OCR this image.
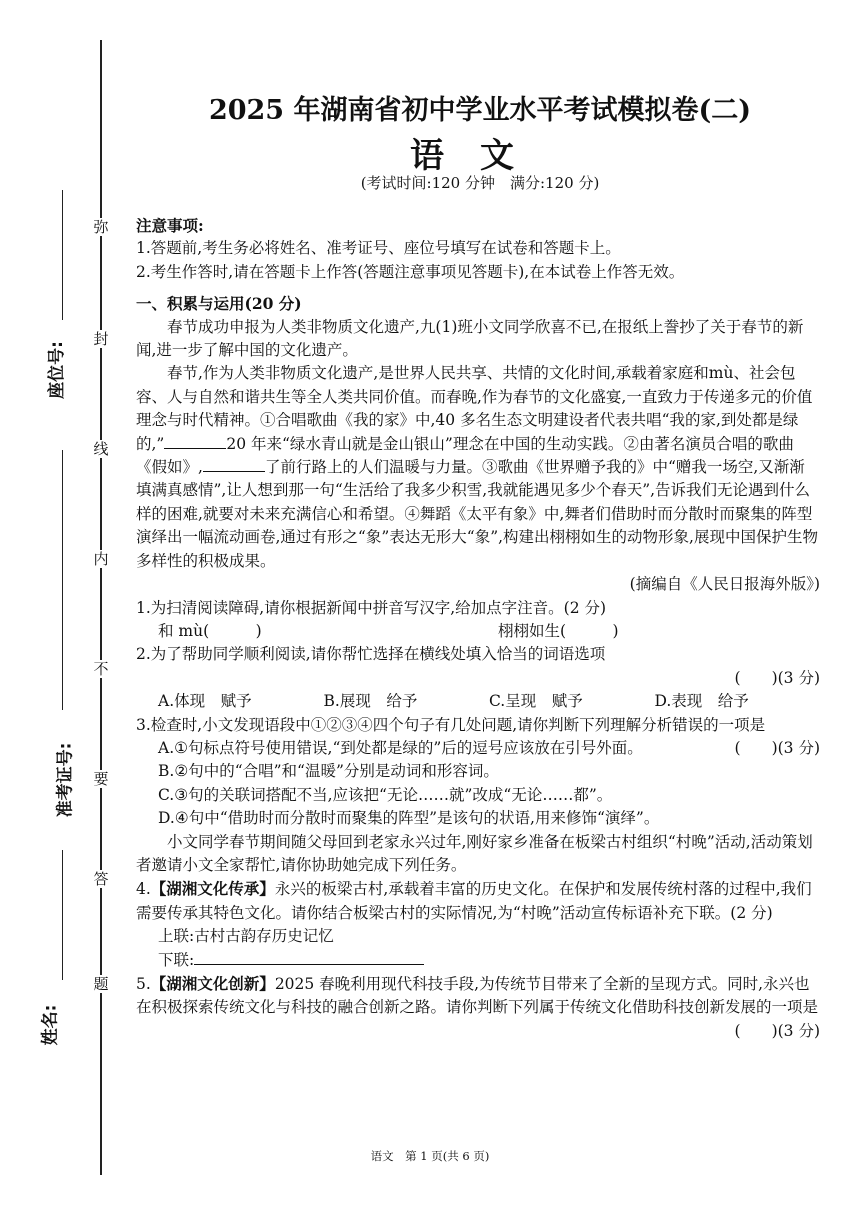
弥
封
线
内
不
要
答
题
座位号:
准考证号:
姓名:
2025 年湖南省初中学业水平考试模拟卷(二)
语文
(考试时间:120 分钟　满分:120 分)

注意事项:

1.答题前,考生务必将姓名、准考证号、座位号填写在试卷和答题卡上。

2.考生作答时,请在答题卡上作答(答题注意事项见答题卡),在本试卷上作答无效。

一、积累与运用(20 分)

春节成功申报为人类非物质文化遗产,九(1)班小文同学欣喜不已,在报纸上誊抄了关于春节的新闻,进一步了解中国的文化遗产。

春节,作为人类非物质文化遗产,是世界人民共享、共情的文化时间,承载着家庭和mù、社会包容、人与自然和谐共生等全人类共同价值。而春晚,作为春节的文化盛宴,一直致力于传递多元的价值理念与时代精神。①合唱歌曲《我的家》中,40 多名生态文明建设者代表共唱“我的家,到处都是绿的,”	20 年来“绿水青山就是金山银山”理念在中国的生动实践。②由著名演员合唱的歌曲《假如》,	了前行路上的人们温暖与力量。③歌曲《世界赠予我的》中“赠我一场空,又渐渐填满真感情”,让人想到那一句“生活给了我多少积雪,我就能遇见多少个春天”,告诉我们无论遇到什么样的困难,就要对未来充满信心和希望。④舞蹈《太平有象》中,舞者们借助时而分散时而聚集的阵型演绎出一幅流动画卷,通过有形之“象”表达无形大“象”,构建出栩栩如生的动物形象,展现中国保护生物多样性的积极成果。

(摘编自《人民日报海外版》)

1.为扫清阅读障碍,请你根据新闻中拼音写汉字,给加点字注音。(2 分)

和 mù(　　　)	栩栩如生(　　　)

2.为了帮助同学顺利阅读,请你帮忙选择在横线处填入恰当的词语选项

(　　)(3 分)

A.体现　赋予	B.展现　给予	C.呈现　赋予	D.表现　给予

3.检查时,小文发现语段中①②③④四个句子有几处问题,请你判断下列理解分析错误的一项是
(　　)(3 分)

A.①句标点符号使用错误,“到处都是绿的”后的逗号应该放在引号外面。

B.②句中的“合唱”和“温暖”分别是动词和形容词。

C.③句的关联词搭配不当,应该把“无论……就”改成“无论……都”。

D.④句中“借助时而分散时而聚集的阵型”是该句的状语,用来修饰“演绎”。

小文同学春节期间随父母回到老家永兴过年,刚好家乡准备在板梁古村组织“村晚”活动,活动策划者邀请小文全家帮忙,请你协助她完成下列任务。

4.【湖湘文化传承】永兴的板梁古村,承载着丰富的历史文化。在保护和发展传统村落的过程中,我们需要传承其特色文化。请你结合板梁古村的实际情况,为“村晚”活动宣传标语补充下联。(2 分)

上联:古村古韵存历史记忆

下联:

5.【湖湘文化创新】2025 春晚利用现代科技手段,为传统节目带来了全新的呈现方式。同时,永兴也在积极探索传统文化与科技的融合创新之路。请你判断下列属于传统文化借助科技创新发展的一项是
(　　)(3 分)

语文　第 1 页(共 6 页)
